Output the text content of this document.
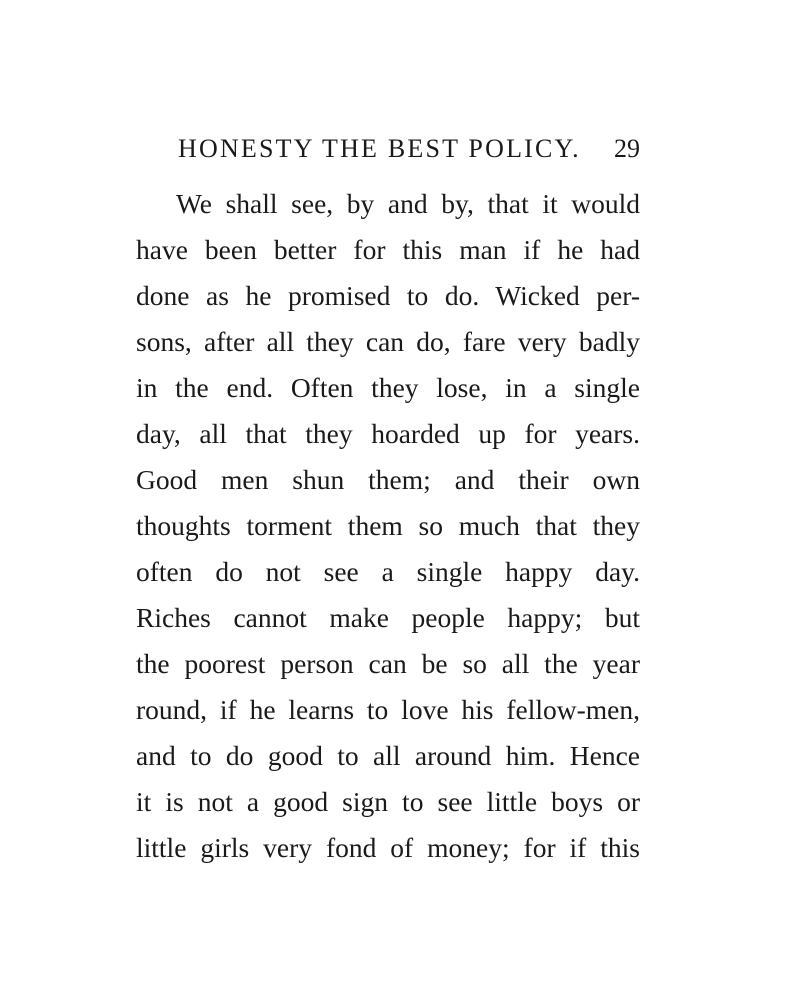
HONESTY THE BEST POLICY. 29
We shall see, by and by, that it would
have been better for this man if he had
done as he promised to do. Wicked per-
sons, after all they can do, fare very badly
in the end. Often they lose, in a single
day, all that they hoarded up for years.
Good men shun them; and their own
thoughts torment them so much that they
often do not see a single happy day.
Riches cannot make people happy; but
the poorest person can be so all the year
round, if he learns to love his fellow-men,
and to do good to all around him. Hence
it is not a good sign to see little boys or
little girls very fond of money; for if this
